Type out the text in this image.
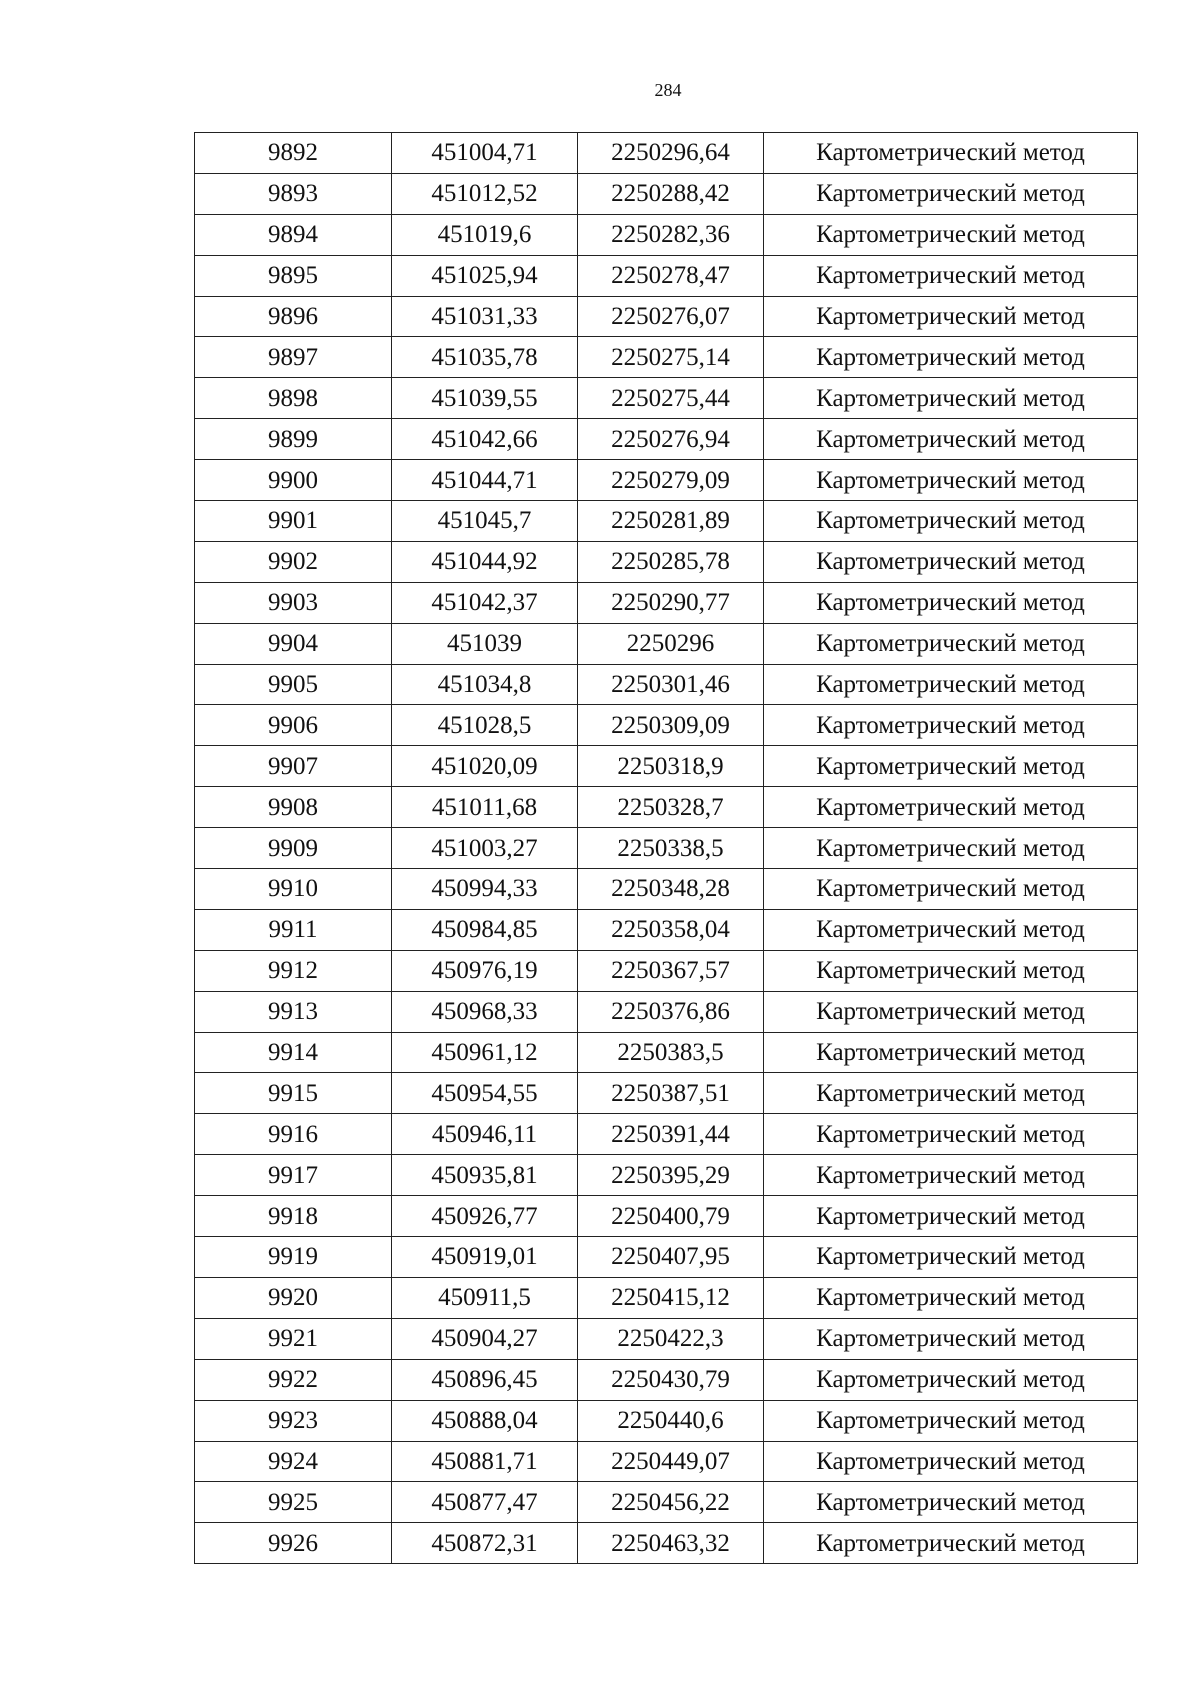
284
9892	451004,71	2250296,64	Картометрический метод
9893	451012,52	2250288,42	Картометрический метод
9894	451019,6	2250282,36	Картометрический метод
9895	451025,94	2250278,47	Картометрический метод
9896	451031,33	2250276,07	Картометрический метод
9897	451035,78	2250275,14	Картометрический метод
9898	451039,55	2250275,44	Картометрический метод
9899	451042,66	2250276,94	Картометрический метод
9900	451044,71	2250279,09	Картометрический метод
9901	451045,7	2250281,89	Картометрический метод
9902	451044,92	2250285,78	Картометрический метод
9903	451042,37	2250290,77	Картометрический метод
9904	451039	2250296	Картометрический метод
9905	451034,8	2250301,46	Картометрический метод
9906	451028,5	2250309,09	Картометрический метод
9907	451020,09	2250318,9	Картометрический метод
9908	451011,68	2250328,7	Картометрический метод
9909	451003,27	2250338,5	Картометрический метод
9910	450994,33	2250348,28	Картометрический метод
9911	450984,85	2250358,04	Картометрический метод
9912	450976,19	2250367,57	Картометрический метод
9913	450968,33	2250376,86	Картометрический метод
9914	450961,12	2250383,5	Картометрический метод
9915	450954,55	2250387,51	Картометрический метод
9916	450946,11	2250391,44	Картометрический метод
9917	450935,81	2250395,29	Картометрический метод
9918	450926,77	2250400,79	Картометрический метод
9919	450919,01	2250407,95	Картометрический метод
9920	450911,5	2250415,12	Картометрический метод
9921	450904,27	2250422,3	Картометрический метод
9922	450896,45	2250430,79	Картометрический метод
9923	450888,04	2250440,6	Картометрический метод
9924	450881,71	2250449,07	Картометрический метод
9925	450877,47	2250456,22	Картометрический метод
9926	450872,31	2250463,32	Картометрический метод
